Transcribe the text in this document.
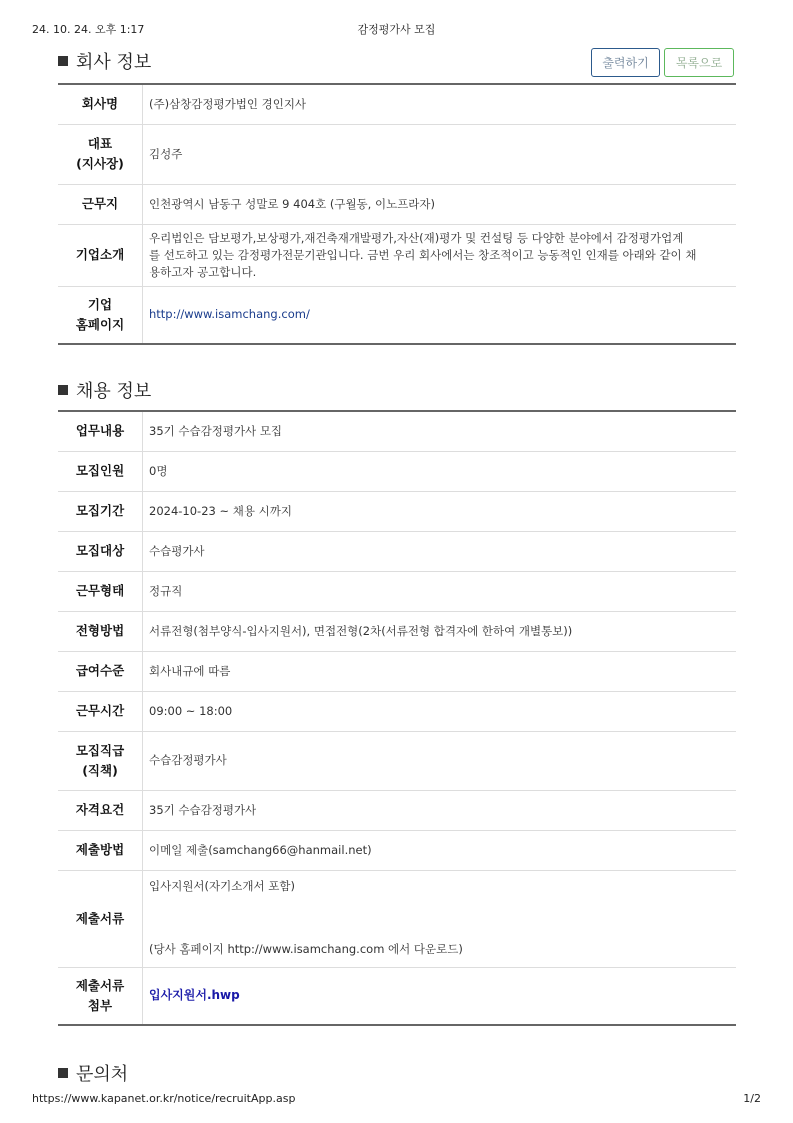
24. 10. 24. 오후 1:17	감정평가사 모집
회사 정보	출력하기	목록으로
회사명	(주)삼창감정평가법인 경인지사

대표
(지사장)	김성주
근무지	인천광역시 남동구 성말로 9 404호 (구월동, 이노프라자)
기업소개	우리법인은 담보평가,보상평가,재건축재개발평가,자산(재)평가 및 컨설팅 등 다양한 분야에서 감정평가업계
를 선도하고 있는 감정평가전문기관입니다. 금번 우리 회사에서는 창조적이고 능동적인 인재를 아래와 같이 채
용하고자 공고합니다.

기업
홈페이지	http://www.isamchang.com/
채용 정보
업무내용	35기 수습감정평가사 모집
모집인원	0명
모집기간	2024-10-23 ~ 채용 시까지
모집대상	수습평가사
근무형태	정규직
전형방법	서류전형(첨부양식-입사지원서), 면접전형(2차(서류전형 합격자에 한하여 개별통보))
급여수준	회사내규에 따름
근무시간	09:00 ~ 18:00

모집직급
(직책)	수습감정평가사
자격요건	35기 수습감정평가사
제출방법	이메일 제출(samchang66@hanmail.net)
제출서류	입사지원서(자기소개서 포함)
(당사 홈페이지 http://www.isamchang.com 에서 다운로드)

제출서류
첨부	입사지원서.hwp
문의처
https://www.kapanet.or.kr/notice/recruitApp.asp	1/2
